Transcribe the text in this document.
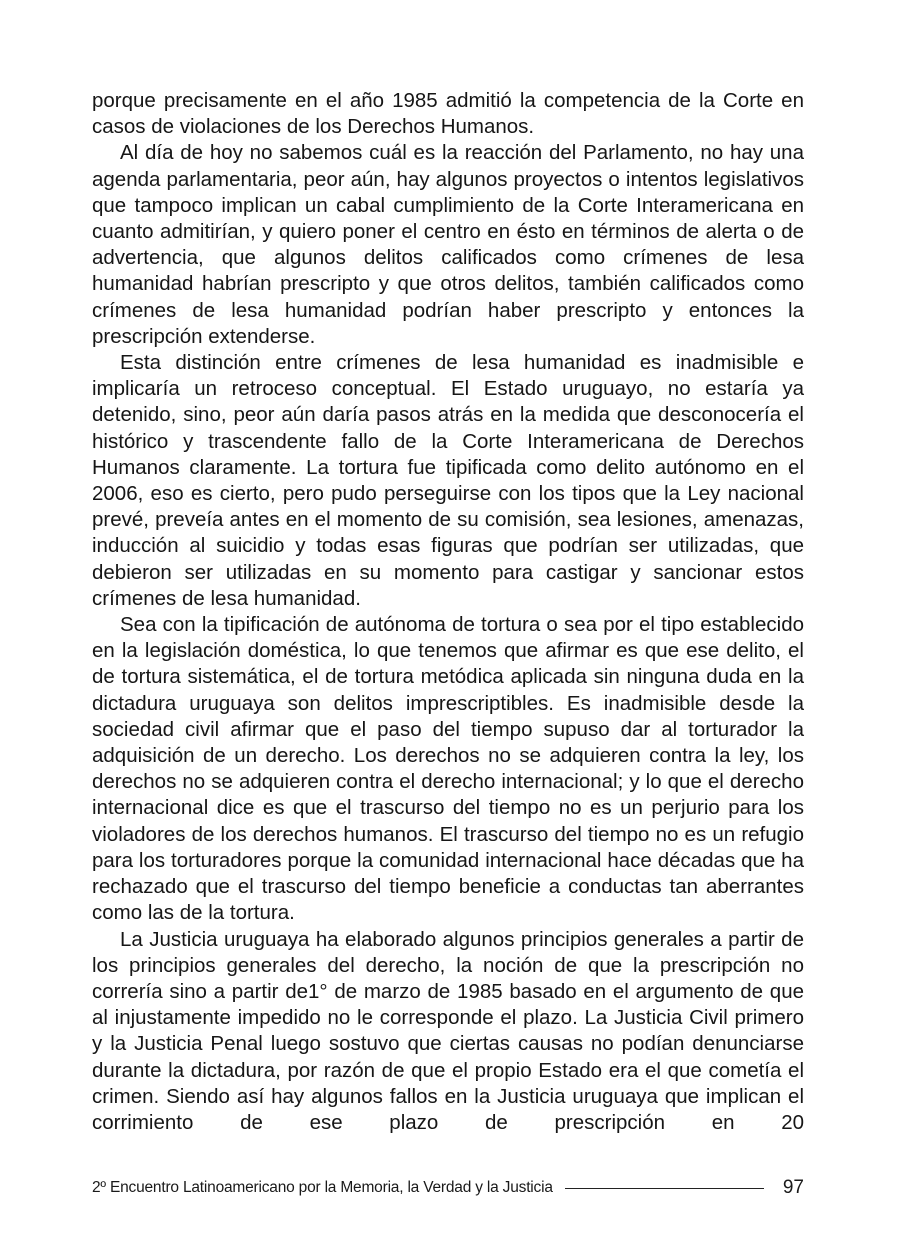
porque precisamente en el año 1985 admitió la competencia de la Corte en casos de violaciones de los Derechos Humanos.

Al día de hoy no sabemos cuál es la reacción del Parlamento, no hay una agenda parlamentaria, peor aún, hay algunos proyectos o intentos legislativos que tampoco implican un cabal cumplimiento de la Corte Interamericana en cuanto admitirían, y quiero poner el centro en ésto en términos de alerta o de advertencia, que algunos delitos calificados como crímenes de lesa humanidad habrían prescripto y que otros delitos, también calificados como crímenes de lesa humanidad podrían haber prescripto y entonces la prescripción extenderse.

Esta distinción entre crímenes de lesa humanidad es inadmisible e implicaría un retroceso conceptual. El Estado uruguayo, no estaría ya detenido, sino, peor aún daría pasos atrás en la medida que desconocería el histórico y trascendente fallo de la Corte Interamericana de Derechos Humanos claramente. La tortura fue tipificada como delito autónomo en el 2006, eso es cierto, pero pudo perseguirse con los tipos que la Ley nacional prevé, preveía antes en el momento de su comisión, sea lesiones, amenazas, inducción al suicidio y todas esas figuras que podrían ser utilizadas, que debieron ser utilizadas en su momento para castigar y sancionar estos crímenes de lesa humanidad.

Sea con la tipificación de autónoma de tortura o sea por el tipo establecido en la legislación doméstica, lo que tenemos que afirmar es que ese delito, el de tortura sistemática, el de tortura metódica aplicada sin ninguna duda en la dictadura uruguaya son delitos imprescriptibles. Es inadmisible desde la sociedad civil afirmar que el paso del tiempo supuso dar al torturador la adquisición de un derecho. Los derechos no se adquieren contra la ley, los derechos no se adquieren contra el derecho internacional; y lo que el derecho internacional dice es que el trascurso del tiempo no es un perjurio para los violadores de los derechos humanos. El trascurso del tiempo no es un refugio para los torturadores porque la comunidad internacional hace décadas que ha rechazado que el trascurso del tiempo beneficie a conductas tan aberrantes como las de la tortura.

La Justicia uruguaya ha elaborado algunos principios generales a partir de los principios generales del derecho, la noción de que la prescripción no correría sino a partir de1° de marzo de 1985 basado en el argumento de que al injustamente impedido no le corresponde el plazo. La Justicia Civil primero y la Justicia Penal luego sostuvo que ciertas causas no podían denunciarse durante la dictadura, por razón de que el propio Estado era el que cometía el crimen. Siendo así hay algunos fallos en la Justicia uruguaya que implican el corrimiento de ese plazo de prescripción en 20

2º Encuentro Latinoamericano por la Memoria, la Verdad y la Justicia	97
